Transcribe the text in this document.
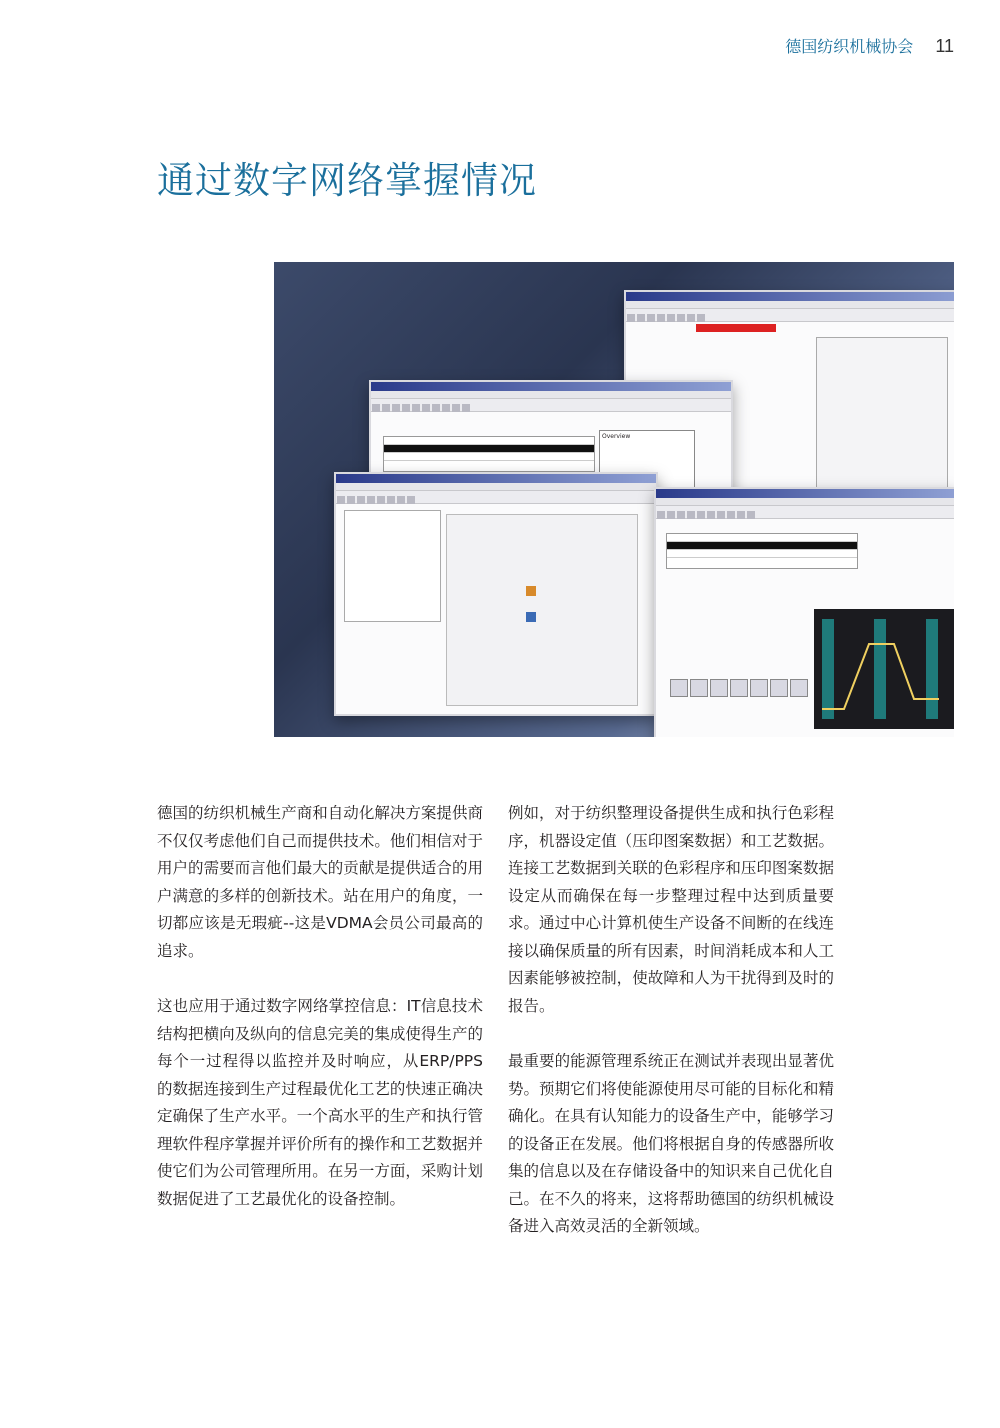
德国纺织机械协会 11
通过数字网络掌握情况
Overview

德国的纺织机械生产商和自动化解决方案提供商不仅仅考虑他们自己而提供技术。他们相信对于用户的需要而言他们最大的贡献是提供适合的用户满意的多样的创新技术。站在用户的角度，一切都应该是无瑕疵--这是VDMA会员公司最高的追求。

这也应用于通过数字网络掌控信息：IT信息技术结构把横向及纵向的信息完美的集成使得生产的每个一过程得以监控并及时响应，从ERP/PPS的数据连接到生产过程最优化工艺的快速正确决定确保了生产水平。一个高水平的生产和执行管理软件程序掌握并评价所有的操作和工艺数据并使它们为公司管理所用。在另一方面，采购计划数据促进了工艺最优化的设备控制。

例如，对于纺织整理设备提供生成和执行色彩程序，机器设定值（压印图案数据）和工艺数据。连接工艺数据到关联的色彩程序和压印图案数据设定从而确保在每一步整理过程中达到质量要求。通过中心计算机使生产设备不间断的在线连接以确保质量的所有因素，时间消耗成本和人工因素能够被控制，使故障和人为干扰得到及时的报告。

最重要的能源管理系统正在测试并表现出显著优势。预期它们将使能源使用尽可能的目标化和精确化。在具有认知能力的设备生产中，能够学习的设备正在发展。他们将根据自身的传感器所收集的信息以及在存储设备中的知识来自己优化自己。在不久的将来，这将帮助德国的纺织机械设备进入高效灵活的全新领域。
